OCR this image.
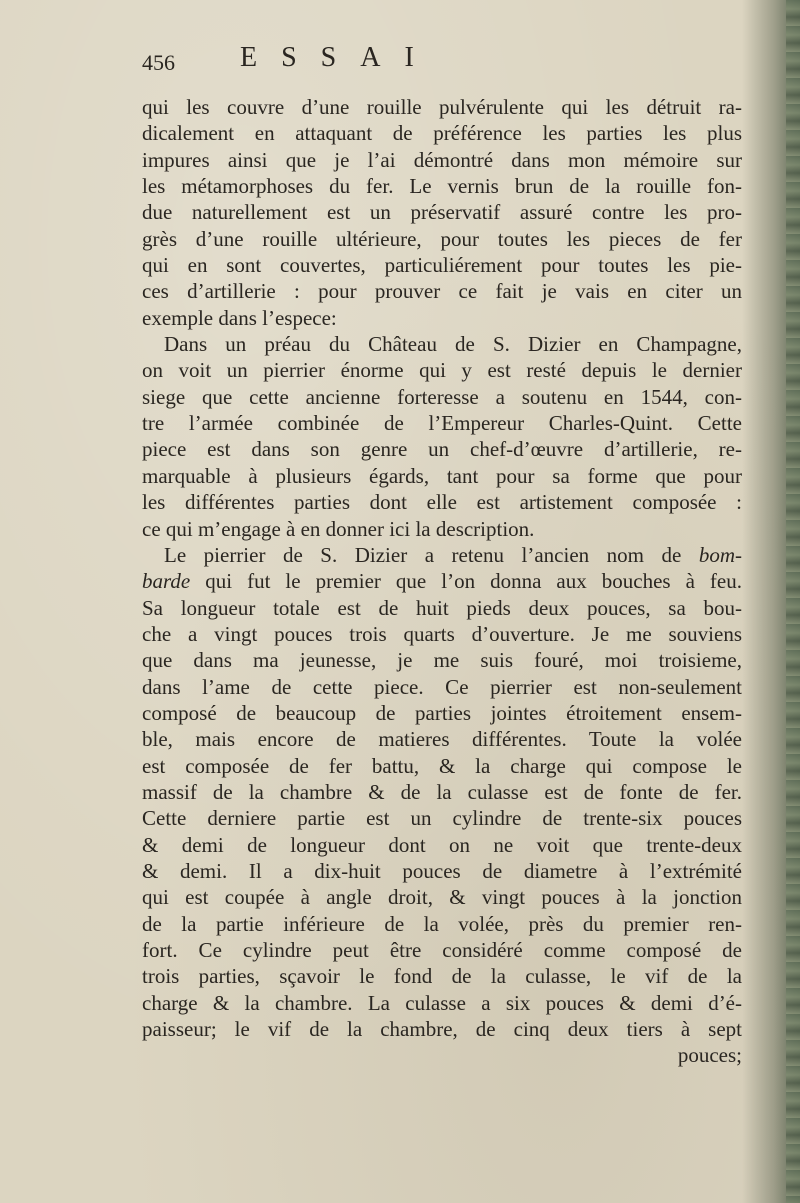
456 ESSAI
qui les couvre d’une rouille pulvérulente qui les détruit ra-
dicalement en attaquant de préférence les parties les plus
impures ainsi que je l’ai démontré dans mon mémoire sur
les métamorphoses du fer. Le vernis brun de la rouille fon-
due naturellement est un préservatif assuré contre les pro-
grès d’une rouille ultérieure, pour toutes les pieces de fer
qui en sont couvertes, particuliérement pour toutes les pie-
ces d’artillerie : pour prouver ce fait je vais en citer un
exemple dans l’espece:
Dans un préau du Château de S. Dizier en Champagne,
on voit un pierrier énorme qui y est resté depuis le dernier
siege que cette ancienne forteresse a soutenu en 1544, con-
tre l’armée combinée de l’Empereur Charles-Quint. Cette
piece est dans son genre un chef-d’œuvre d’artillerie, re-
marquable à plusieurs égards, tant pour sa forme que pour
les différentes parties dont elle est artistement composée :
ce qui m’engage à en donner ici la description.
Le pierrier de S. Dizier a retenu l’ancien nom de bom-
barde qui fut le premier que l’on donna aux bouches à feu.
Sa longueur totale est de huit pieds deux pouces, sa bou-
che a vingt pouces trois quarts d’ouverture. Je me souviens
que dans ma jeunesse, je me suis fouré, moi troisieme,
dans l’ame de cette piece. Ce pierrier est non-seulement
composé de beaucoup de parties jointes étroitement ensem-
ble, mais encore de matieres différentes. Toute la volée
est composée de fer battu, & la charge qui compose le
massif de la chambre & de la culasse est de fonte de fer.
Cette derniere partie est un cylindre de trente-six pouces
& demi de longueur dont on ne voit que trente-deux
& demi. Il a dix-huit pouces de diametre à l’extrémité
qui est coupée à angle droit, & vingt pouces à la jonction
de la partie inférieure de la volée, près du premier ren-
fort. Ce cylindre peut être considéré comme composé de
trois parties, sçavoir le fond de la culasse, le vif de la
charge & la chambre. La culasse a six pouces & demi d’é-
paisseur; le vif de la chambre, de cinq deux tiers à sept
pouces;
